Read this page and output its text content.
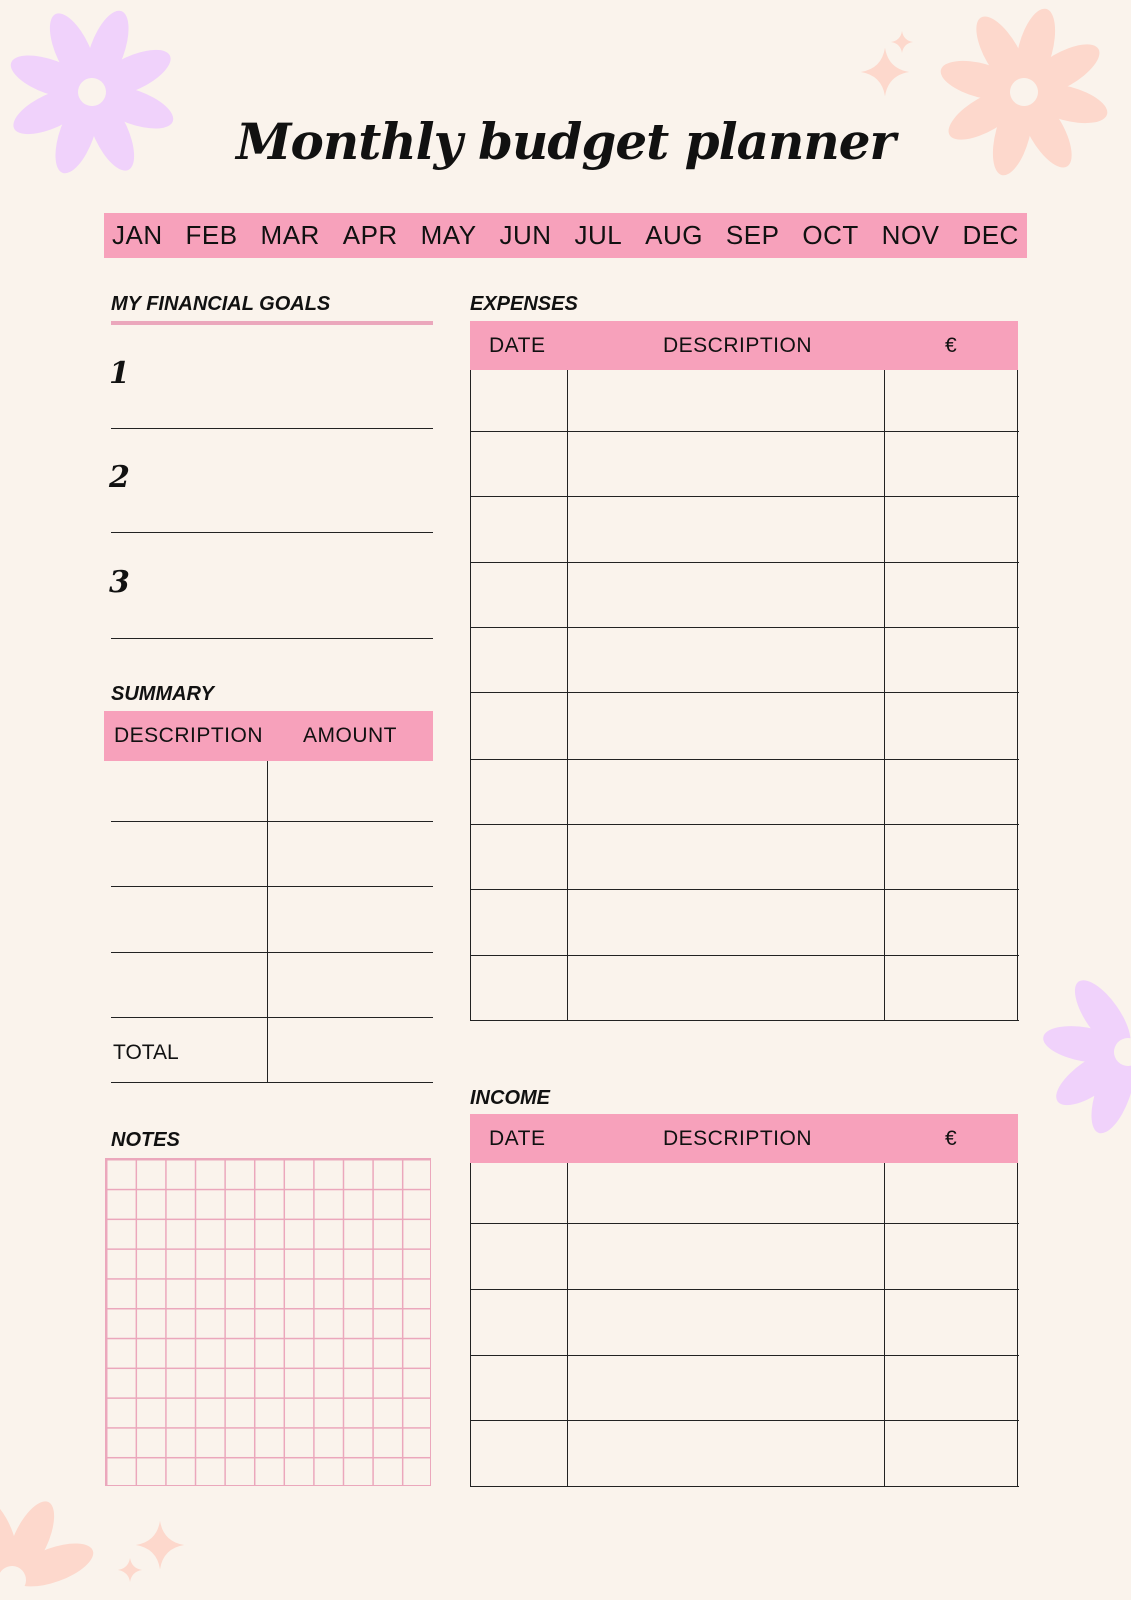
Monthly budget planner
JAN FEB MAR APR MAY JUN JUL AUG SEP OCT NOV DEC
MY FINANCIAL GOALS
1
2
3
SUMMARY
DESCRIPTION AMOUNT
TOTAL
NOTES
EXPENSES
DATE	DESCRIPTION	€
INCOME
DATE	DESCRIPTION	€
